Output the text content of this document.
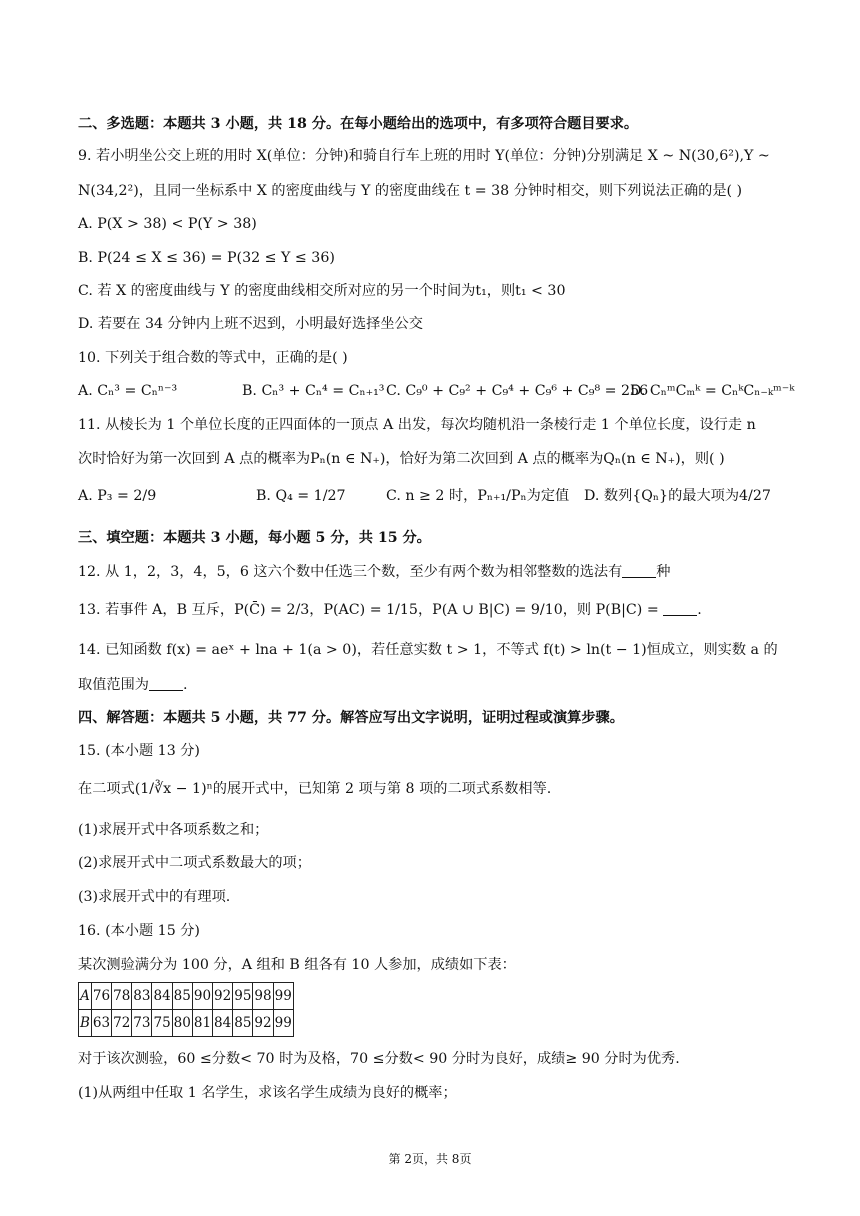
二、多选题：本题共 3 小题，共 18 分。在每小题给出的选项中，有多项符合题目要求。
9. 若小明坐公交上班的用时 X(单位：分钟)和骑自行车上班的用时 Y(单位：分钟)分别满足 X ~ N(30,6²),Y ~
N(34,2²)，且同一坐标系中 X 的密度曲线与 Y 的密度曲线在 t = 38 分钟时相交，则下列说法正确的是( )
A. P(X > 38) < P(Y > 38)
B. P(24 ≤ X ≤ 36) = P(32 ≤ Y ≤ 36)
C. 若 X 的密度曲线与 Y 的密度曲线相交所对应的另一个时间为t₁，则t₁ < 30
D. 若要在 34 分钟内上班不迟到，小明最好选择坐公交
10. 下列关于组合数的等式中，正确的是( )
A. Cₙ³ = Cₙⁿ⁻³	B. Cₙ³ + Cₙ⁴ = Cₙ₊₁³ C. C₉⁰ + C₉² + C₉⁴ + C₉⁶ + C₉⁸ = 256
D. CₙᵐCₘᵏ = CₙᵏCₙ₋ₖᵐ⁻ᵏ
11. 从棱长为 1 个单位长度的正四面体的一顶点 A 出发，每次均随机沿一条棱行走 1 个单位长度，设行走 n
次时恰好为第一次回到 A 点的概率为Pₙ(n ∈ N₊)，恰好为第二次回到 A 点的概率为Qₙ(n ∈ N₊)，则( )
A. P₃ = 2/9	B. Q₄ = 1/27	C. n ≥ 2 时，Pₙ₊₁/Pₙ为定值 D. 数列{Qₙ}的最大项为4/27
三、填空题：本题共 3 小题，每小题 5 分，共 15 分。
12. 从 1，2，3，4，5，6 这六个数中任选三个数，至少有两个数为相邻整数的选法有 种
13. 若事件 A，B 互斥，P(C̄) = 2/3，P(AC) = 1/15，P(A ∪ B|C) = 9/10，则 P(B|C) =	.
14. 已知函数 f(x) = aeˣ + lna + 1(a > 0)，若任意实数 t > 1，不等式 f(t) > ln(t − 1)恒成立，则实数 a 的
取值范围为 .
四、解答题：本题共 5 小题，共 77 分。解答应写出文字说明，证明过程或演算步骤。
15. (本小题 13 分)
在二项式(1/∛x − 1)ⁿ的展开式中，已知第 2 项与第 8 项的二项式系数相等.
(1)求展开式中各项系数之和；
(2)求展开式中二项式系数最大的项；
(3)求展开式中的有理项.
16. (本小题 15 分)
某次测验满分为 100 分，A 组和 B 组各有 10 人参加，成绩如下表：
A	76	78	83	84	85	90	92	95	98	99
B	63	72	73	75	80	81	84	85	92	99
对于该次测验，60 ≤分数< 70 时为及格，70 ≤分数< 90 分时为良好，成绩≥ 90 分时为优秀.
(1)从两组中任取 1 名学生，求该名学生成绩为良好的概率；
第 2页，共 8页
